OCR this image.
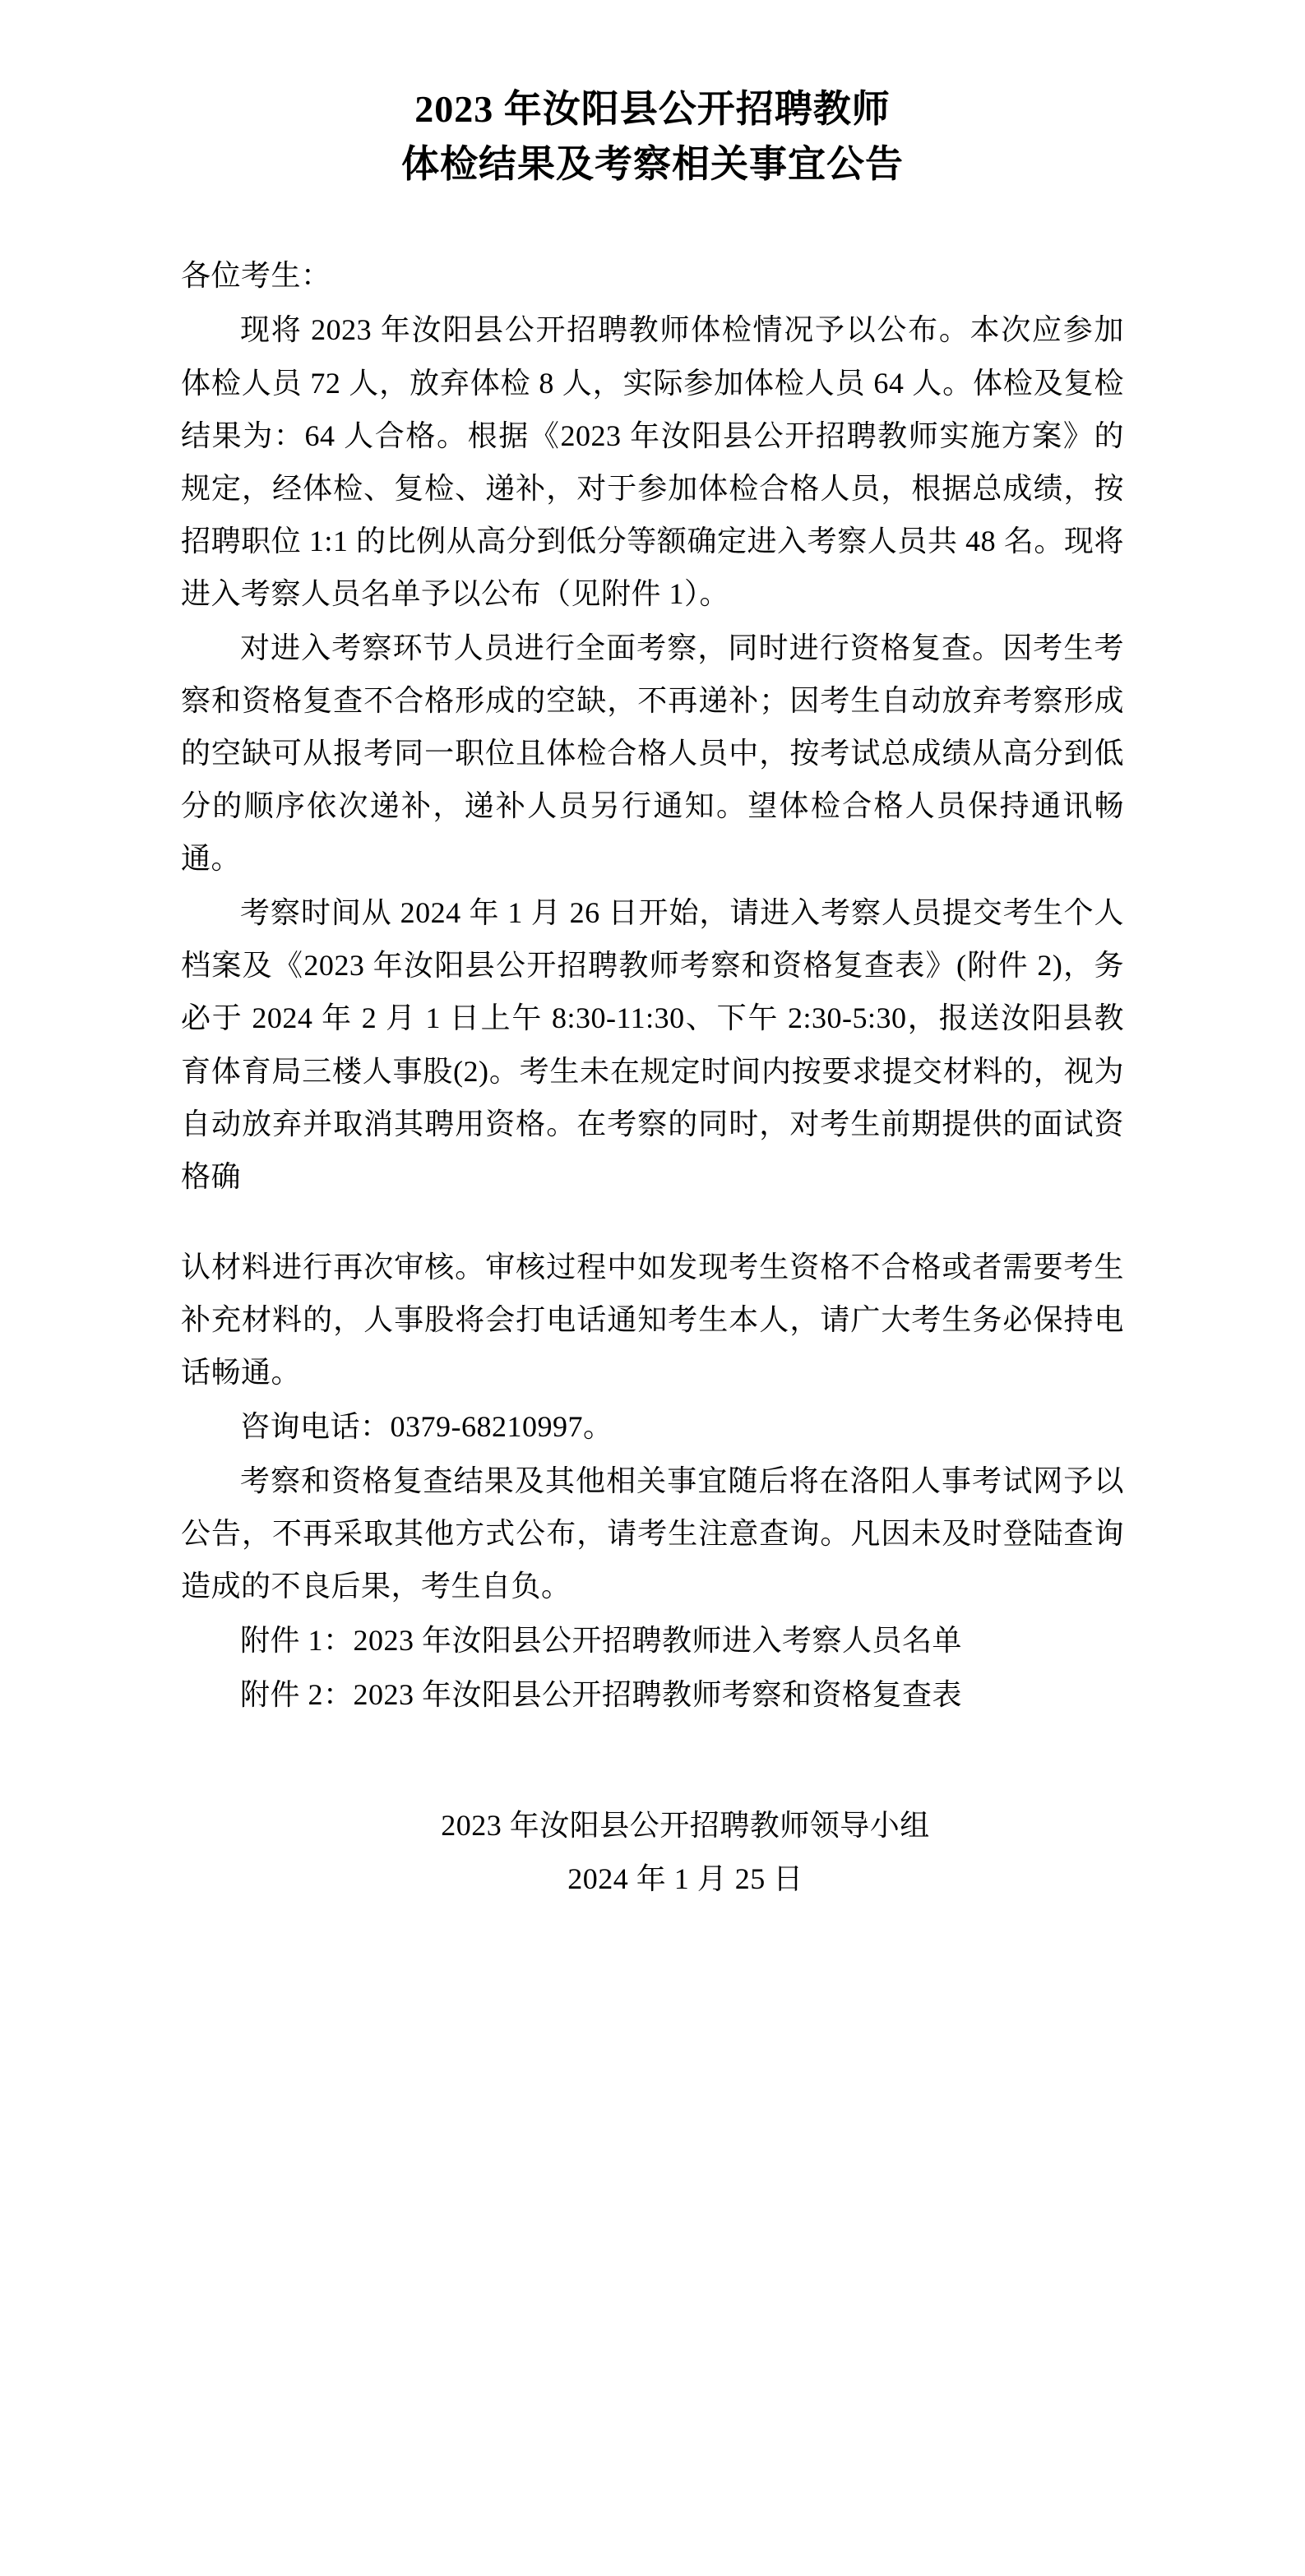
2023 年汝阳县公开招聘教师
体检结果及考察相关事宜公告

各位考生：

现将 2023 年汝阳县公开招聘教师体检情况予以公布。本次应参加体检人员 72 人，放弃体检 8 人，实际参加体检人员 64 人。体检及复检结果为：64 人合格。根据《2023 年汝阳县公开招聘教师实施方案》的规定，经体检、复检、递补，对于参加体检合格人员，根据总成绩，按招聘职位 1:1 的比例从高分到低分等额确定进入考察人员共 48 名。现将进入考察人员名单予以公布（见附件 1）。

对进入考察环节人员进行全面考察，同时进行资格复查。因考生考察和资格复查不合格形成的空缺，不再递补；因考生自动放弃考察形成的空缺可从报考同一职位且体检合格人员中，按考试总成绩从高分到低分的顺序依次递补，递补人员另行通知。望体检合格人员保持通讯畅通。

考察时间从 2024 年 1 月 26 日开始，请进入考察人员提交考生个人档案及《2023 年汝阳县公开招聘教师考察和资格复查表》(附件 2)，务必于 2024 年 2 月 1 日上午 8:30-11:30、下午 2:30-5:30，报送汝阳县教育体育局三楼人事股(2)。考生未在规定时间内按要求提交材料的，视为自动放弃并取消其聘用资格。在考察的同时，对考生前期提供的面试资格确

认材料进行再次审核。审核过程中如发现考生资格不合格或者需要考生补充材料的，人事股将会打电话通知考生本人，请广大考生务必保持电话畅通。

咨询电话：0379-68210997。

考察和资格复查结果及其他相关事宜随后将在洛阳人事考试网予以公告，不再采取其他方式公布，请考生注意查询。凡因未及时登陆查询造成的不良后果，考生自负。

附件 1：2023 年汝阳县公开招聘教师进入考察人员名单

附件 2：2023 年汝阳县公开招聘教师考察和资格复查表

2023 年汝阳县公开招聘教师领导小组
2024 年 1 月 25 日
